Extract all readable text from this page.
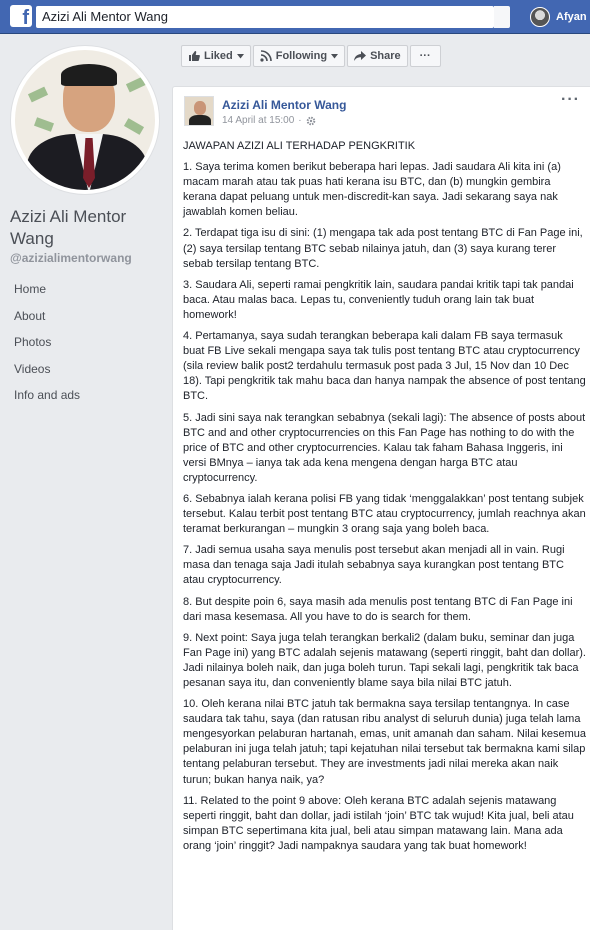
f	Azizi Ali Mentor Wang	Afyan
Azizi Ali Mentor Wang
@azizialimentorwang
Home
About
Photos
Videos
Info and ads
Liked	Following	Share ···
Azizi Ali Mentor Wang
14 April at 15:00 ·
···

JAWAPAN AZIZI ALI TERHADAP PENGKRITIK

1. Saya terima komen berikut beberapa hari lepas. Jadi saudara Ali kita ini (a) macam marah atau tak puas hati kerana isu BTC, dan (b) mungkin gembira kerana dapat peluang untuk men-discredit-kan saya. Jadi sekarang saya nak jawablah komen beliau.

2. Terdapat tiga isu di sini: (1) mengapa tak ada post tentang BTC di Fan Page ini, (2) saya tersilap tentang BTC sebab nilainya jatuh, dan (3) saya kurang terer sebab tersilap tentang BTC.

3. Saudara Ali, seperti ramai pengkritik lain, saudara pandai kritik tapi tak pandai baca. Atau malas baca. Lepas tu, conveniently tuduh orang lain tak buat homework!

4. Pertamanya, saya sudah terangkan beberapa kali dalam FB saya termasuk buat FB Live sekali mengapa saya tak tulis post tentang BTC atau cryptocurrency (sila review balik post2 terdahulu termasuk post pada 3 Jul, 15 Nov dan 10 Dec 18). Tapi pengkritik tak mahu baca dan hanya nampak the absence of post tentang BTC.

5. Jadi sini saya nak terangkan sebabnya (sekali lagi): The absence of posts about BTC and and other cryptocurrencies on this Fan Page has nothing to do with the price of BTC and other cryptocurrencies. Kalau tak faham Bahasa Inggeris, ini versi BMnya – ianya tak ada kena mengena dengan harga BTC atau cryptocurrency.

6. Sebabnya ialah kerana polisi FB yang tidak ‘menggalakkan’ post tentang subjek tersebut. Kalau terbit post tentang BTC atau cryptocurrency, jumlah reachnya akan teramat berkurangan – mungkin 3 orang saja yang boleh baca.

7. Jadi semua usaha saya menulis post tersebut akan menjadi all in vain. Rugi masa dan tenaga saja Jadi itulah sebabnya saya kurangkan post tentang BTC atau cryptocurrency.

8. But despite poin 6, saya masih ada menulis post tentang BTC di Fan Page ini dari masa kesemasa. All you have to do is search for them.

9. Next point: Saya juga telah terangkan berkali2 (dalam buku, seminar dan juga Fan Page ini) yang BTC adalah sejenis matawang (seperti ringgit, baht dan dollar). Jadi nilainya boleh naik, dan juga boleh turun. Tapi sekali lagi, pengkritik tak baca pesanan saya itu, dan conveniently blame saya bila nilai BTC jatuh.

10. Oleh kerana nilai BTC jatuh tak bermakna saya tersilap tentangnya. In case saudara tak tahu, saya (dan ratusan ribu analyst di seluruh dunia) juga telah lama mengesyorkan pelaburan hartanah, emas, unit amanah dan saham. Nilai kesemua pelaburan ini juga telah jatuh; tapi kejatuhan nilai tersebut tak bermakna kami silap tentang pelaburan tersebut. They are investments jadi nilai mereka akan naik turun; bukan hanya naik, ya?

11. Related to the point 9 above: Oleh kerana BTC adalah sejenis matawang seperti ringgit, baht dan dollar, jadi istilah ‘join’ BTC tak wujud! Kita jual, beli atau simpan BTC sepertimana kita jual, beli atau simpan matawang lain. Mana ada orang ‘join’ ringgit? Jadi nampaknya saudara yang tak buat homework!
